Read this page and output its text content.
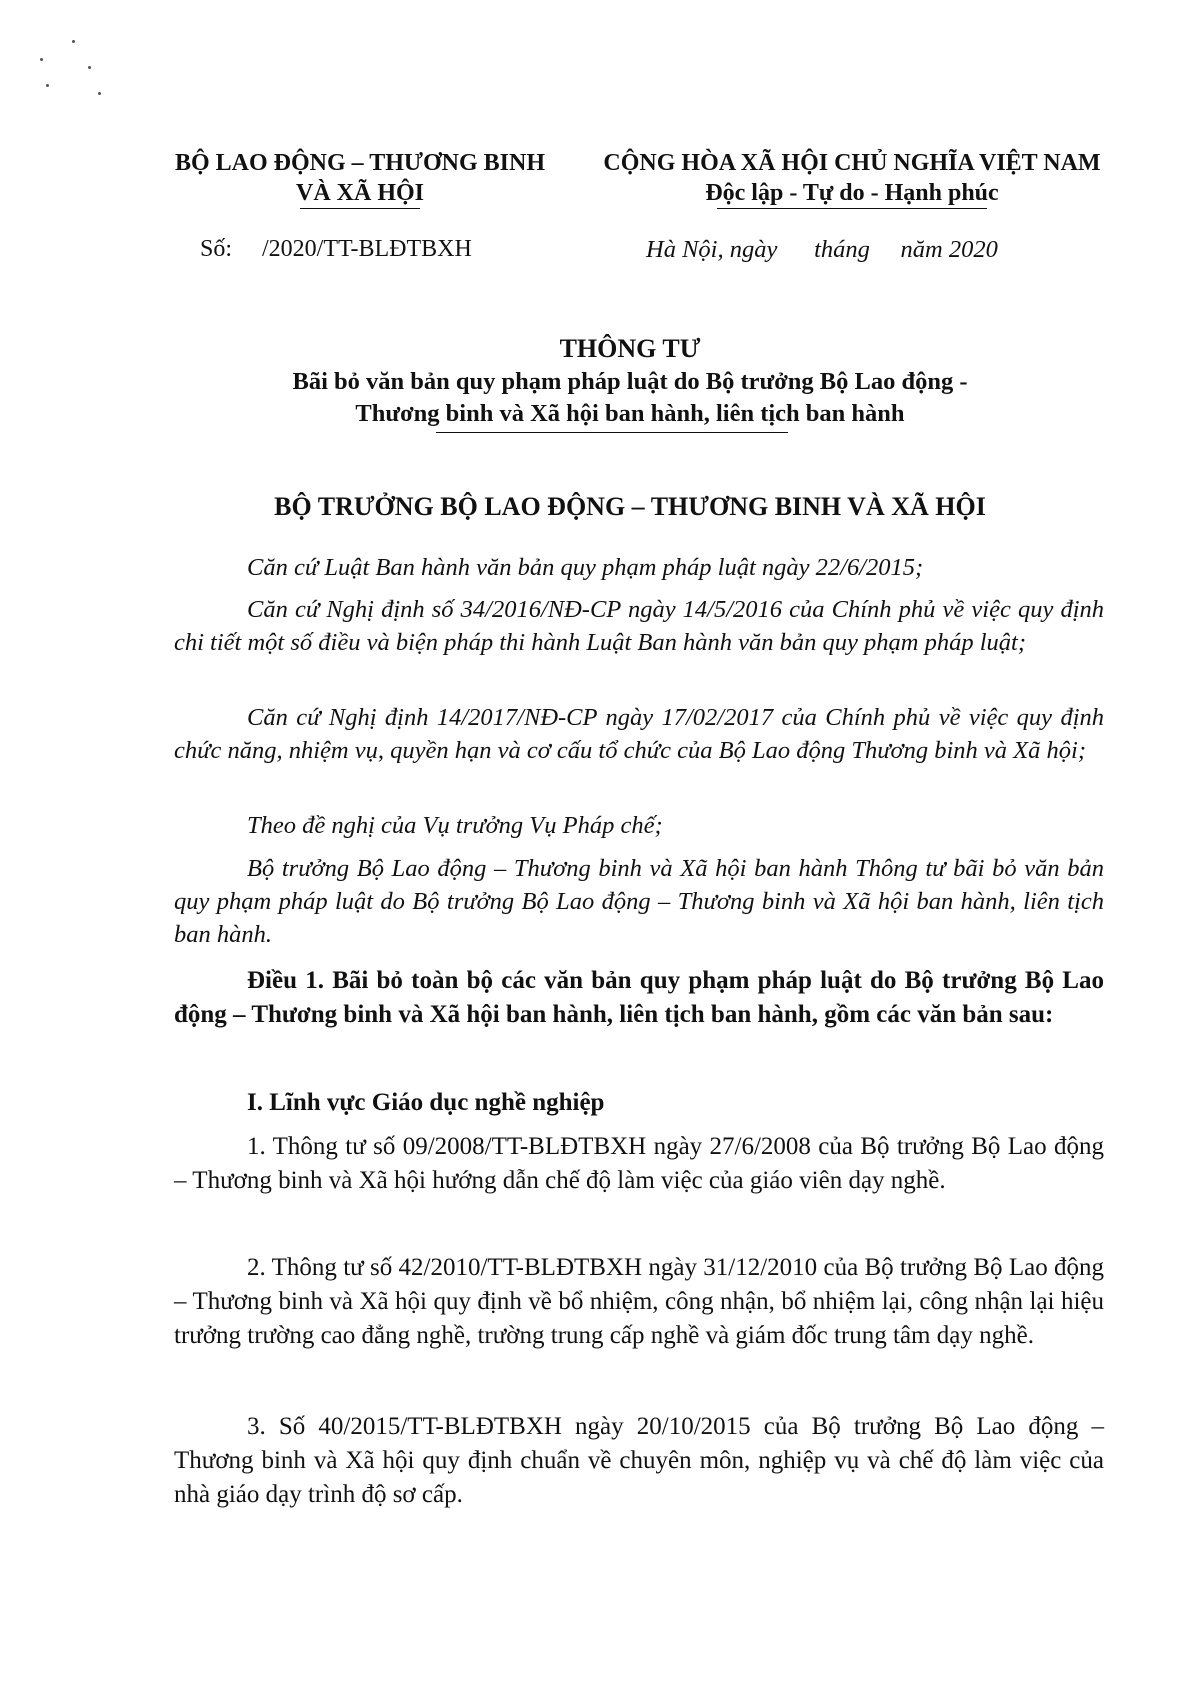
BỘ LAO ĐỘNG – THƯƠNG BINH
VÀ XÃ HỘI
CỘNG HÒA XÃ HỘI CHỦ NGHĨA VIỆT NAM
Độc lập - Tự do - Hạnh phúc
Số:     /2020/TT-BLĐTBXH	Hà Nội, ngày      tháng     năm 2020
THÔNG TƯ
Bãi bỏ văn bản quy phạm pháp luật do Bộ trưởng Bộ Lao động -
Thương binh và Xã hội ban hành, liên tịch ban hành
BỘ TRƯỞNG BỘ LAO ĐỘNG – THƯƠNG BINH VÀ XÃ HỘI
Căn cứ Luật Ban hành văn bản quy phạm pháp luật ngày 22/6/2015;
Căn cứ Nghị định số 34/2016/NĐ-CP ngày 14/5/2016 của Chính phủ về việc quy định chi tiết một số điều và biện pháp thi hành Luật Ban hành văn bản quy phạm pháp luật;
Căn cứ Nghị định 14/2017/NĐ-CP ngày 17/02/2017 của Chính phủ về việc quy định chức năng, nhiệm vụ, quyền hạn và cơ cấu tổ chức của Bộ Lao động Thương binh và Xã hội;
Theo đề nghị của Vụ trưởng Vụ Pháp chế;
Bộ trưởng Bộ Lao động – Thương binh và Xã hội ban hành Thông tư bãi bỏ văn bản quy phạm pháp luật do Bộ trưởng Bộ Lao động – Thương binh và Xã hội ban hành, liên tịch ban hành.
Điều 1. Bãi bỏ toàn bộ các văn bản quy phạm pháp luật do Bộ trưởng Bộ Lao động – Thương binh và Xã hội ban hành, liên tịch ban hành, gồm các văn bản sau:
I. Lĩnh vực Giáo dục nghề nghiệp
1. Thông tư số 09/2008/TT-BLĐTBXH ngày 27/6/2008 của Bộ trưởng Bộ Lao động – Thương binh và Xã hội hướng dẫn chế độ làm việc của giáo viên dạy nghề.
2. Thông tư số 42/2010/TT-BLĐTBXH ngày 31/12/2010 của Bộ trưởng Bộ Lao động – Thương binh và Xã hội quy định về bổ nhiệm, công nhận, bổ nhiệm lại, công nhận lại hiệu trưởng trường cao đẳng nghề, trường trung cấp nghề và giám đốc trung tâm dạy nghề.
3. Số 40/2015/TT-BLĐTBXH ngày 20/10/2015 của Bộ trưởng Bộ Lao động – Thương binh và Xã hội quy định chuẩn về chuyên môn, nghiệp vụ và chế độ làm việc của nhà giáo dạy trình độ sơ cấp.
